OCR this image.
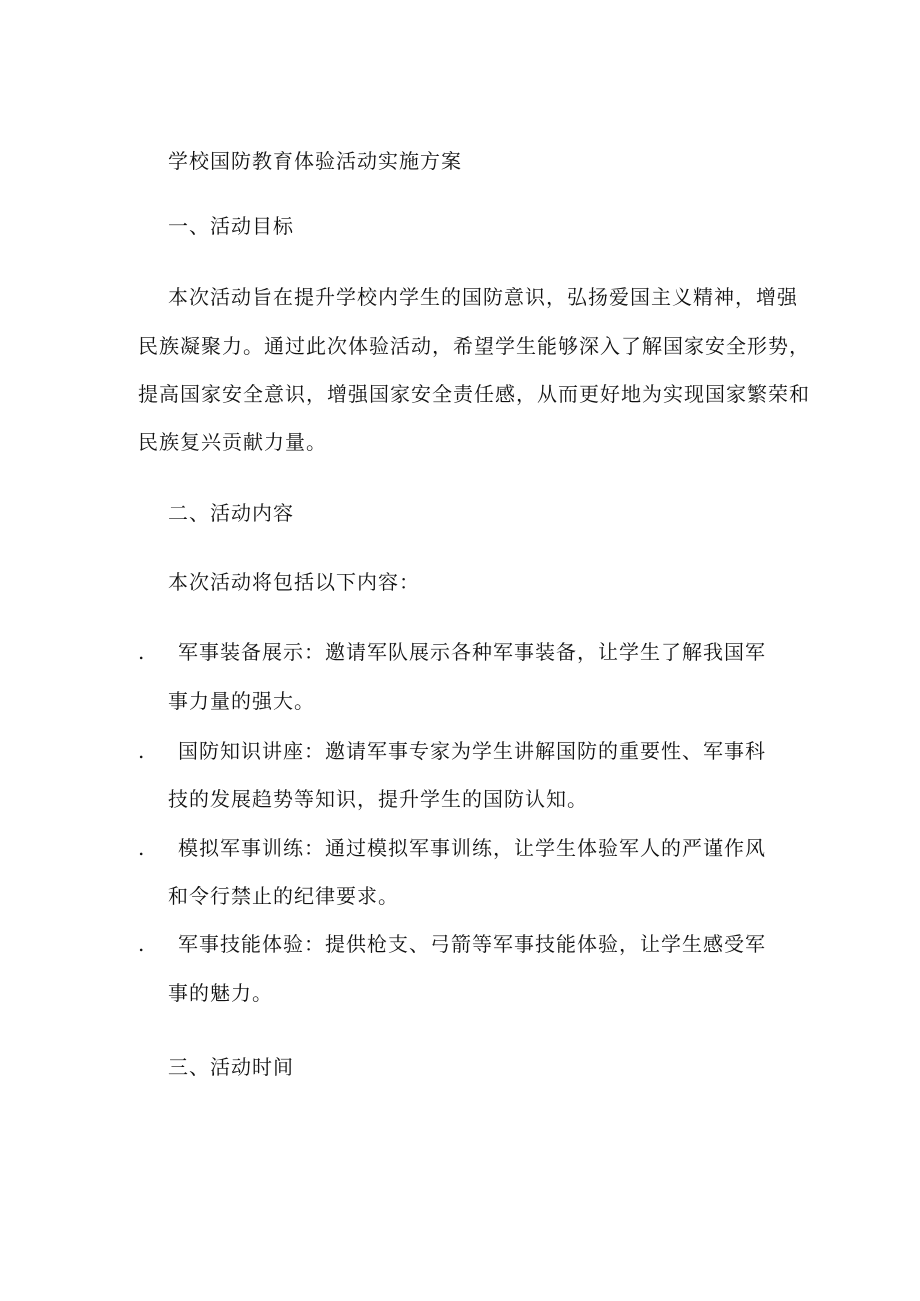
学校国防教育体验活动实施方案
一、活动目标
本次活动旨在提升学校内学生的国防意识，弘扬爱国主义精神，增强
民族凝聚力。通过此次体验活动，希望学生能够深入了解国家安全形势，
提高国家安全意识，增强国家安全责任感，从而更好地为实现国家繁荣和
民族复兴贡献力量。
二、活动内容
本次活动将包括以下内容：
. 军事装备展示：邀请军队展示各种军事装备，让学生了解我国军
事力量的强大。
. 国防知识讲座：邀请军事专家为学生讲解国防的重要性、军事科
技的发展趋势等知识，提升学生的国防认知。
. 模拟军事训练：通过模拟军事训练，让学生体验军人的严谨作风
和令行禁止的纪律要求。
. 军事技能体验：提供枪支、弓箭等军事技能体验，让学生感受军
事的魅力。
三、活动时间
